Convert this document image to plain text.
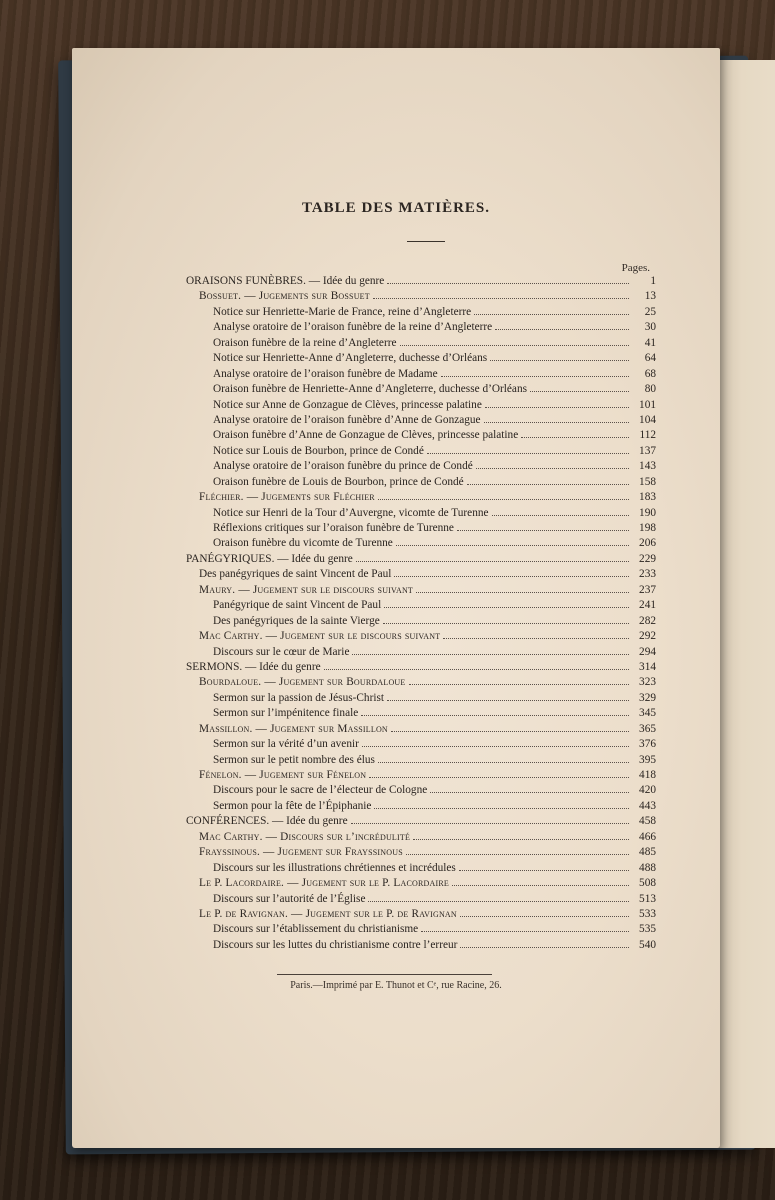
TABLE DES MATIÈRES.
Pages.
ORAISONS FUNÈBRES. — Idée du genre	1
Bossuet. — Jugements sur Bossuet	13
Notice sur Henriette-Marie de France, reine d’Angleterre	25
Analyse oratoire de l’oraison funèbre de la reine d’Angleterre	30
Oraison funèbre de la reine d’Angleterre	41
Notice sur Henriette-Anne d’Angleterre, duchesse d’Orléans	64
Analyse oratoire de l’oraison funèbre de Madame	68
Oraison funèbre de Henriette-Anne d’Angleterre, duchesse d’Orléans	80
Notice sur Anne de Gonzague de Clèves, princesse palatine	101
Analyse oratoire de l’oraison funèbre d’Anne de Gonzague	104
Oraison funèbre d’Anne de Gonzague de Clèves, princesse palatine	112
Notice sur Louis de Bourbon, prince de Condé	137
Analyse oratoire de l’oraison funèbre du prince de Condé	143
Oraison funèbre de Louis de Bourbon, prince de Condé	158
Fléchier. — Jugements sur Fléchier	183
Notice sur Henri de la Tour d’Auvergne, vicomte de Turenne	190
Réflexions critiques sur l’oraison funèbre de Turenne	198
Oraison funèbre du vicomte de Turenne	206
PANÉGYRIQUES. — Idée du genre	229
Des panégyriques de saint Vincent de Paul	233
Maury. — Jugement sur le discours suivant	237
Panégyrique de saint Vincent de Paul	241
Des panégyriques de la sainte Vierge	282
Mac Carthy. — Jugement sur le discours suivant	292
Discours sur le cœur de Marie	294
SERMONS. — Idée du genre	314
Bourdaloue. — Jugement sur Bourdaloue	323
Sermon sur la passion de Jésus-Christ	329
Sermon sur l’impénitence finale	345
Massillon. — Jugement sur Massillon	365
Sermon sur la vérité d’un avenir	376
Sermon sur le petit nombre des élus	395
Fénelon. — Jugement sur Fénelon	418
Discours pour le sacre de l’électeur de Cologne	420
Sermon pour la fête de l’Épiphanie	443
CONFÉRENCES. — Idée du genre	458
Mac Carthy. — Discours sur l’incrédulité	466
Frayssinous. — Jugement sur Frayssinous	485
Discours sur les illustrations chrétiennes et incrédules	488
Le P. Lacordaire. — Jugement sur le P. Lacordaire	508
Discours sur l’autorité de l’Église	513
Le P. de Ravignan. — Jugement sur le P. de Ravignan	533
Discours sur l’établissement du christianisme	535
Discours sur les luttes du christianisme contre l’erreur	540
Paris.—Imprimé par E. Thunot et Cᵉ, rue Racine, 26.
